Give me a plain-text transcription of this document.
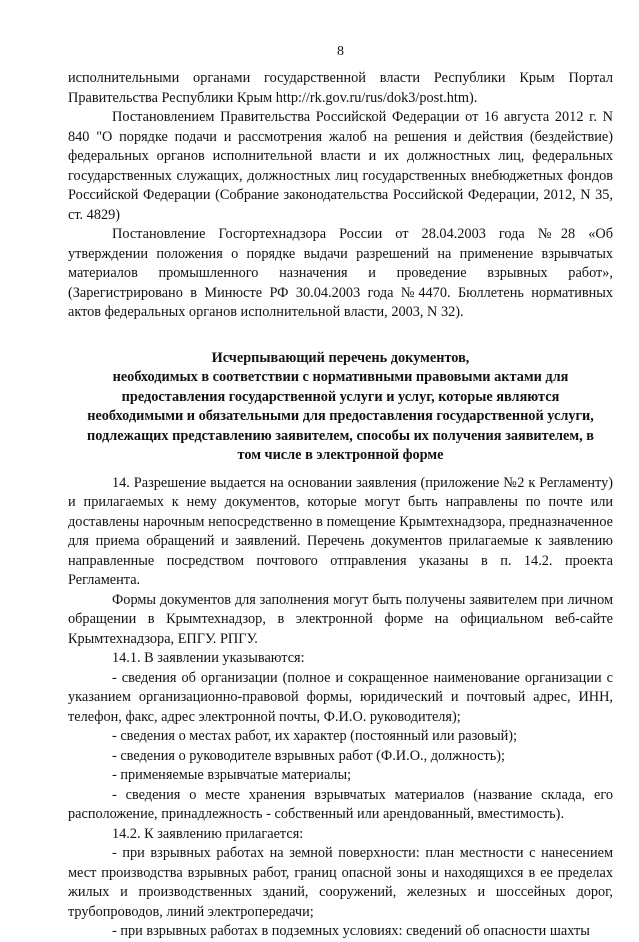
8

исполнительными органами государственной власти Республики Крым Портал Правительства Республики Крым http://rk.gov.ru/rus/dok3/post.htm).

Постановлением Правительства Российской Федерации от 16 августа 2012 г. N 840 "О порядке подачи и рассмотрения жалоб на решения и действия (бездействие) федеральных органов исполнительной власти и их должностных лиц, федеральных государственных служащих, должностных лиц государственных внебюджетных фондов Российской Федерации (Собрание законодательства Российской Федерации, 2012, N 35, ст. 4829)

Постановление Госгортехнадзора России от 28.04.2003 года №28 «Об утверждении положения о порядке выдачи разрешений на применение взрывчатых материалов промышленного назначения и проведение взрывных работ», (Зарегистрировано в Минюсте РФ 30.04.2003 года №4470. Бюллетень нормативных актов федеральных органов исполнительной власти, 2003, N 32).

Исчерпывающий перечень документов,
необходимых в соответствии с нормативными правовыми актами для
предоставления государственной услуги и услуг, которые являются
необходимыми и обязательными для предоставления государственной услуги,
подлежащих представлению заявителем, способы их получения заявителем, в
том числе в электронной форме

14. Разрешение выдается на основании заявления (приложение №2 к Регламенту) и прилагаемых к нему документов, которые могут быть направлены по почте или доставлены нарочным непосредственно в помещение Крымтехнадзора, предназначенное для приема обращений и заявлений. Перечень документов прилагаемые к заявлению направленные посредством почтового отправления указаны в п. 14.2. проекта Регламента.

Формы документов для заполнения могут быть получены заявителем при личном обращении в Крымтехнадзор, в электронной форме на официальном веб-сайте Крымтехнадзора, ЕПГУ. РПГУ.

14.1. В заявлении указываются:

- сведения об организации (полное и сокращенное наименование организации с указанием организационно-правовой формы, юридический и почтовый адрес, ИНН, телефон, факс, адрес электронной почты, Ф.И.О. руководителя);

- сведения о местах работ, их характер (постоянный или разовый);

- сведения о руководителе взрывных работ (Ф.И.О., должность);

- применяемые взрывчатые материалы;

- сведения о месте хранения взрывчатых материалов (название склада, его расположение, принадлежность - собственный или арендованный, вместимость).

14.2. К заявлению прилагается:

- при взрывных работах на земной поверхности: план местности с нанесением мест производства взрывных работ, границ опасной зоны и находящихся в ее пределах жилых и производственных зданий, сооружений, железных и шоссейных дорог, трубопроводов, линий электропередачи;

- при взрывных работах в подземных условиях: сведений об опасности шахты
